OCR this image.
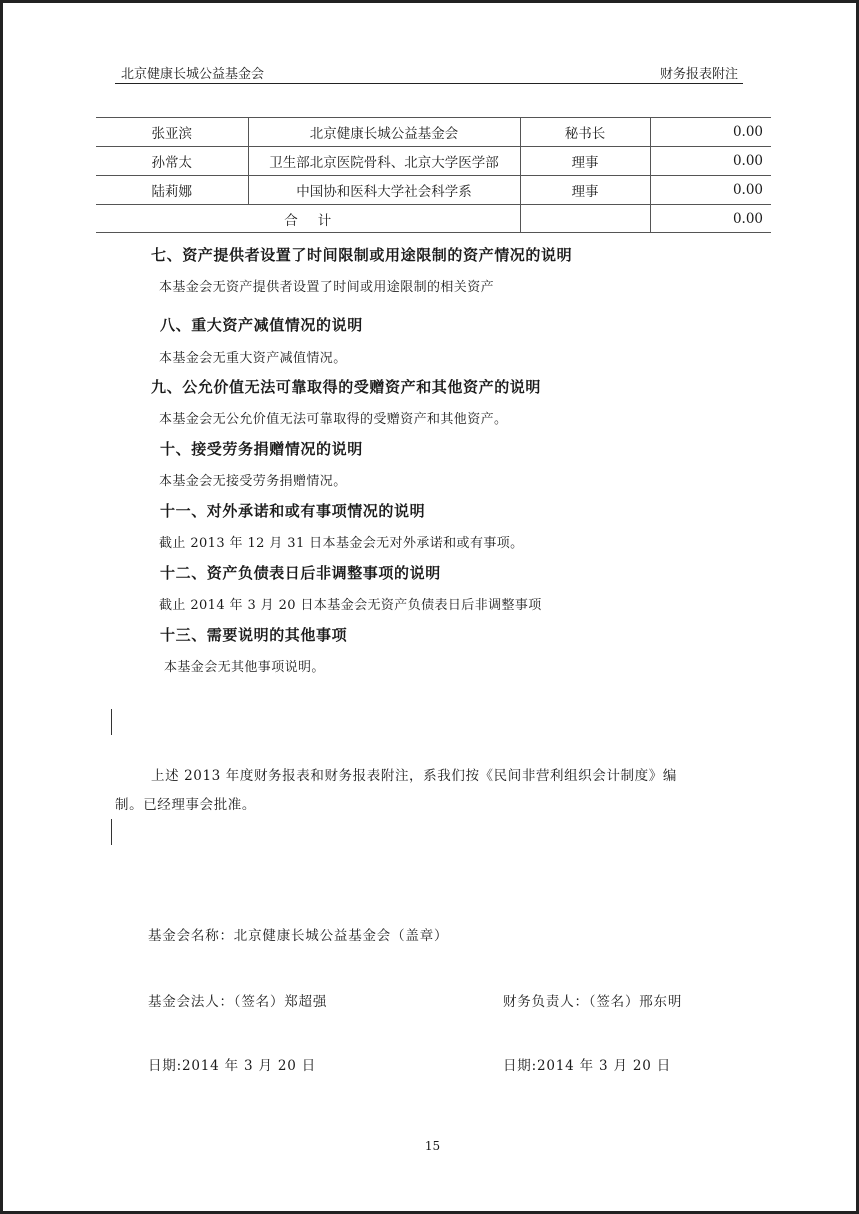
北京健康长城公益基金会	财务报表附注
张亚滨	北京健康长城公益基金会	秘书长	0.00
孙常太	卫生部北京医院骨科、北京大学医学部	理事	0.00
陆莉娜	中国协和医科大学社会科学系	理事	0.00
合计			0.00
七、资产提供者设置了时间限制或用途限制的资产情况的说明
本基金会无资产提供者设置了时间或用途限制的相关资产
八、重大资产减值情况的说明
本基金会无重大资产减值情况。
九、公允价值无法可靠取得的受赠资产和其他资产的说明
本基金会无公允价值无法可靠取得的受赠资产和其他资产。
十、接受劳务捐赠情况的说明
本基金会无接受劳务捐赠情况。
十一、对外承诺和或有事项情况的说明
截止 2013 年 12 月 31 日本基金会无对外承诺和或有事项。
十二、资产负债表日后非调整事项的说明
截止 2014 年 3 月 20 日本基金会无资产负债表日后非调整事项
十三、需要说明的其他事项
本基金会无其他事项说明。
上述 2013 年度财务报表和财务报表附注，系我们按《民间非营利组织会计制度》编
制。已经理事会批准。
基金会名称：北京健康长城公益基金会（盖章）
基金会法人：（签名）郑超强	财务负责人：（签名）邢东明
日期:2014 年 3 月 20 日	日期:2014 年 3 月 20 日
15
